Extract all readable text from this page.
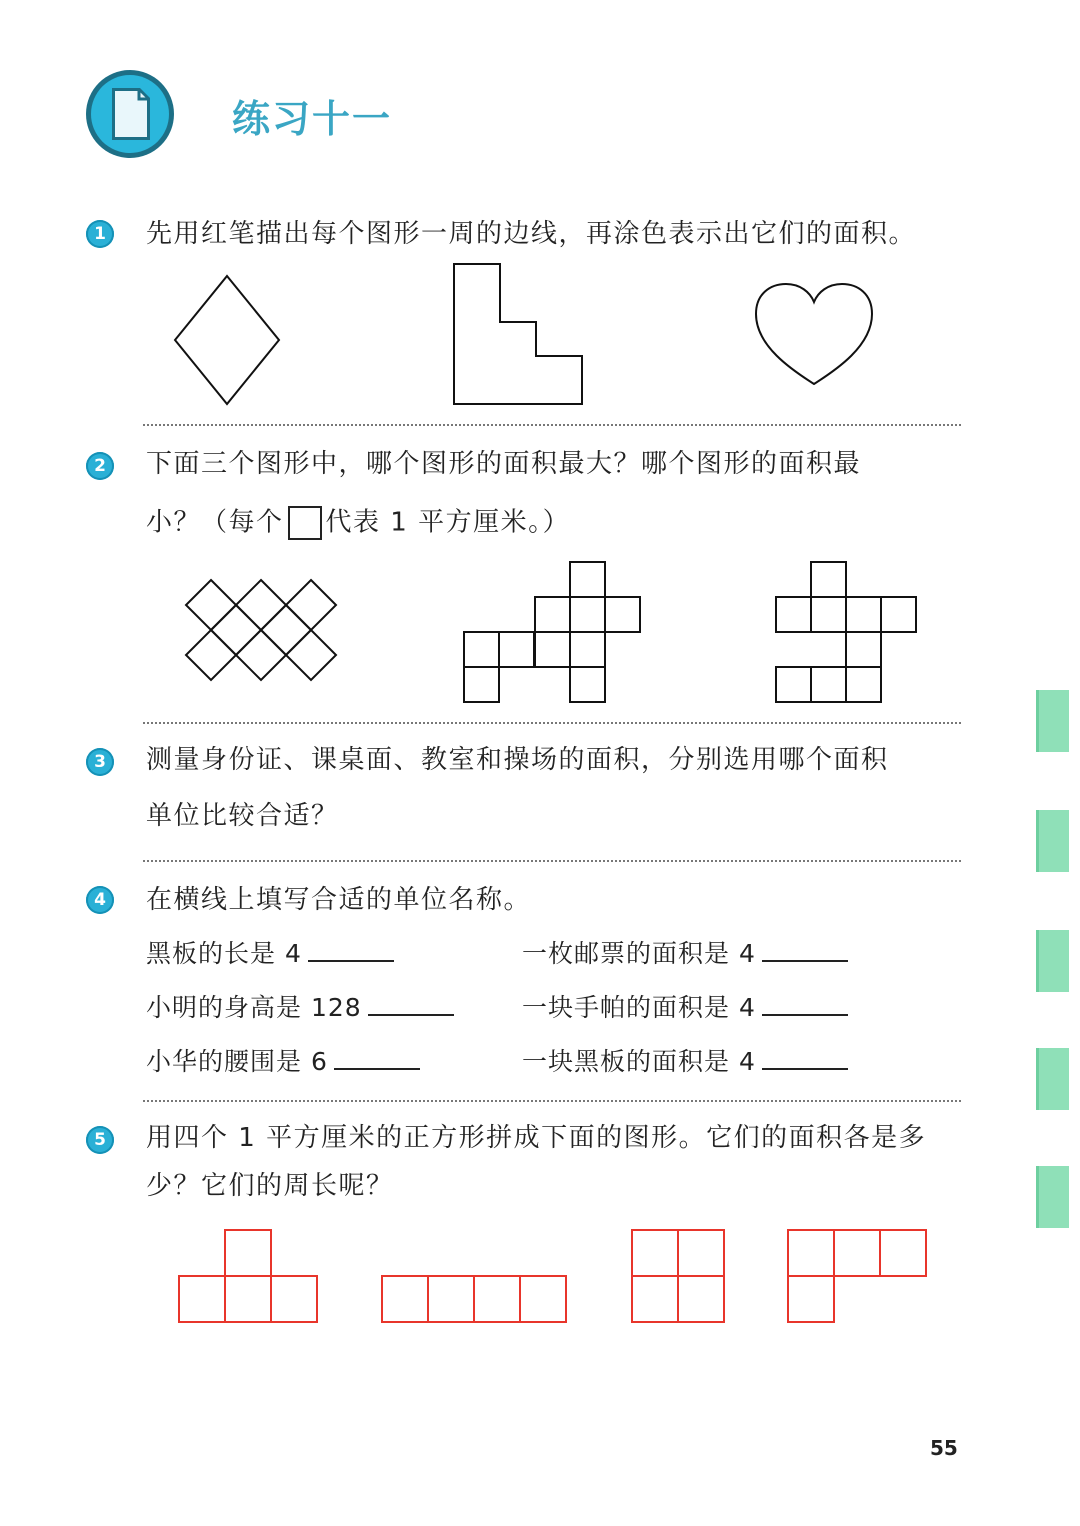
练习十一
1	先用红笔描出每个图形一周的边线，再涂色表示出它们的面积。
2	下面三个图形中，哪个图形的面积最大？哪个图形的面积最
小？（每个 代表 1 平方厘米。）
3	测量身份证、课桌面、教室和操场的面积，分别选用哪个面积
单位比较合适？
4	在横线上填写合适的单位名称。
黑板的长是 4	一枚邮票的面积是 4
小明的身高是 128	一块手帕的面积是 4
小华的腰围是 6	一块黑板的面积是 4
5	用四个 1 平方厘米的正方形拼成下面的图形。它们的面积各是多
少？它们的周长呢？
55
